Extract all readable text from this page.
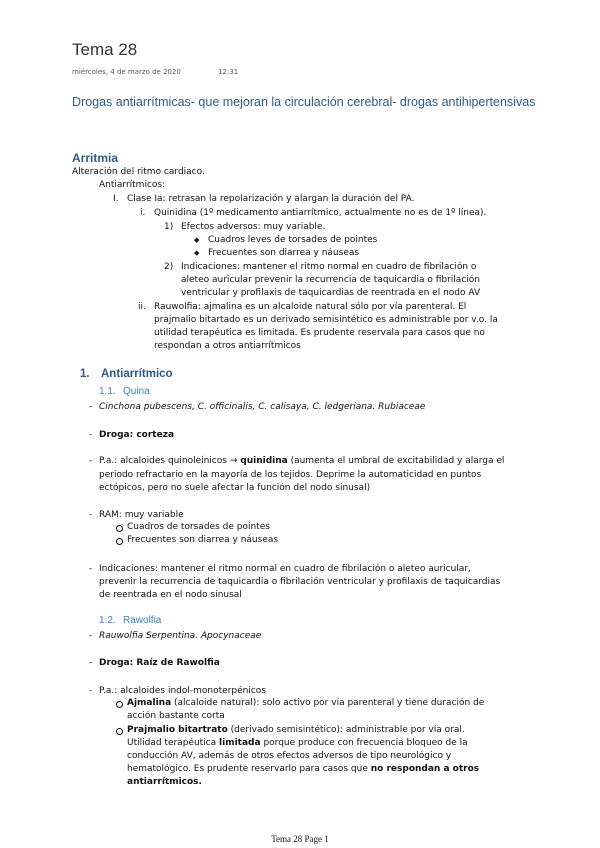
Tema 28
miércoles, 4 de marzo de 2020	12:31
Drogas antiarrítmicas- que mejoran la circulación cerebral- drogas antihipertensivas
Arritmia
Alteración del ritmo cardiaco.
Antiarrítmicos:
I. Clase Ia: retrasan la repolarización y alargan la duración del PA.
i. Quinidina (1º medicamento antiarrítmico, actualmente no es de 1º línea).
1) Efectos adversos: muy variable.
◆ Cuadros leves de torsades de pointes
◆ Frecuentes son diarrea y náuseas
2) Indicaciones: mantener el ritmo normal en cuadro de fibrilación o
aleteo auricular prevenir la recurrencia de taquicardia o fibrilación
ventricular y profilaxis de taquicardias de reentrada en el nodo AV
ii. Rauwolfia: ajmalina es un alcaloide natural sólo por vía parenteral. El
prajmalio bitartado es un derivado semisintético es administrable por v.o. la
utilidad terapéutica es limitada. Es prudente reservala para casos que no
respondan a otros antiarrítmicos
1. Antiarrítmico
1.1. Quina
- Cinchona pubescens, C. officinalis, C. calisaya, C. ledgeriana. Rubiaceae
- Droga: corteza
- P.a.: alcaloides quinoleínicos → quinidina (aumenta el umbral de excitabilidad y alarga el
periodo refractario en la mayoría de los tejidos. Deprime la automaticidad en puntos
ectópicos, pero no suele afectar la función del nodo sinusal)
- RAM: muy variable
Cuadros de torsades de pointes
Frecuentes son diarrea y náuseas
- Indicaciones: mantener el ritmo normal en cuadro de fibrilación o aleteo auricular,
prevenir la recurrencia de taquicardia o fibrilación ventricular y profilaxis de taquicardias
de reentrada en el nodo sinusal
1.2. Rawolfia
- Rauwolfia Serpentina. Apocynaceae
- Droga: Raíz de Rawolfia
- P.a.: alcaloides indol-monoterpénicos
Ajmalina (alcaloide natural): solo activo por vía parenteral y tiene duración de
acción bastante corta
Prajmalio bitartrato (derivado semisintético): administrable por vía oral.
Utilidad terapéutica limitada porque produce con frecuencia bloqueo de la
conducción AV, además de otros efectos adversos de tipo neurológico y
hematológico. Es prudente reservarlo para casos que no respondan a otros
antiarrítmicos.
Tema 28 Page 1
